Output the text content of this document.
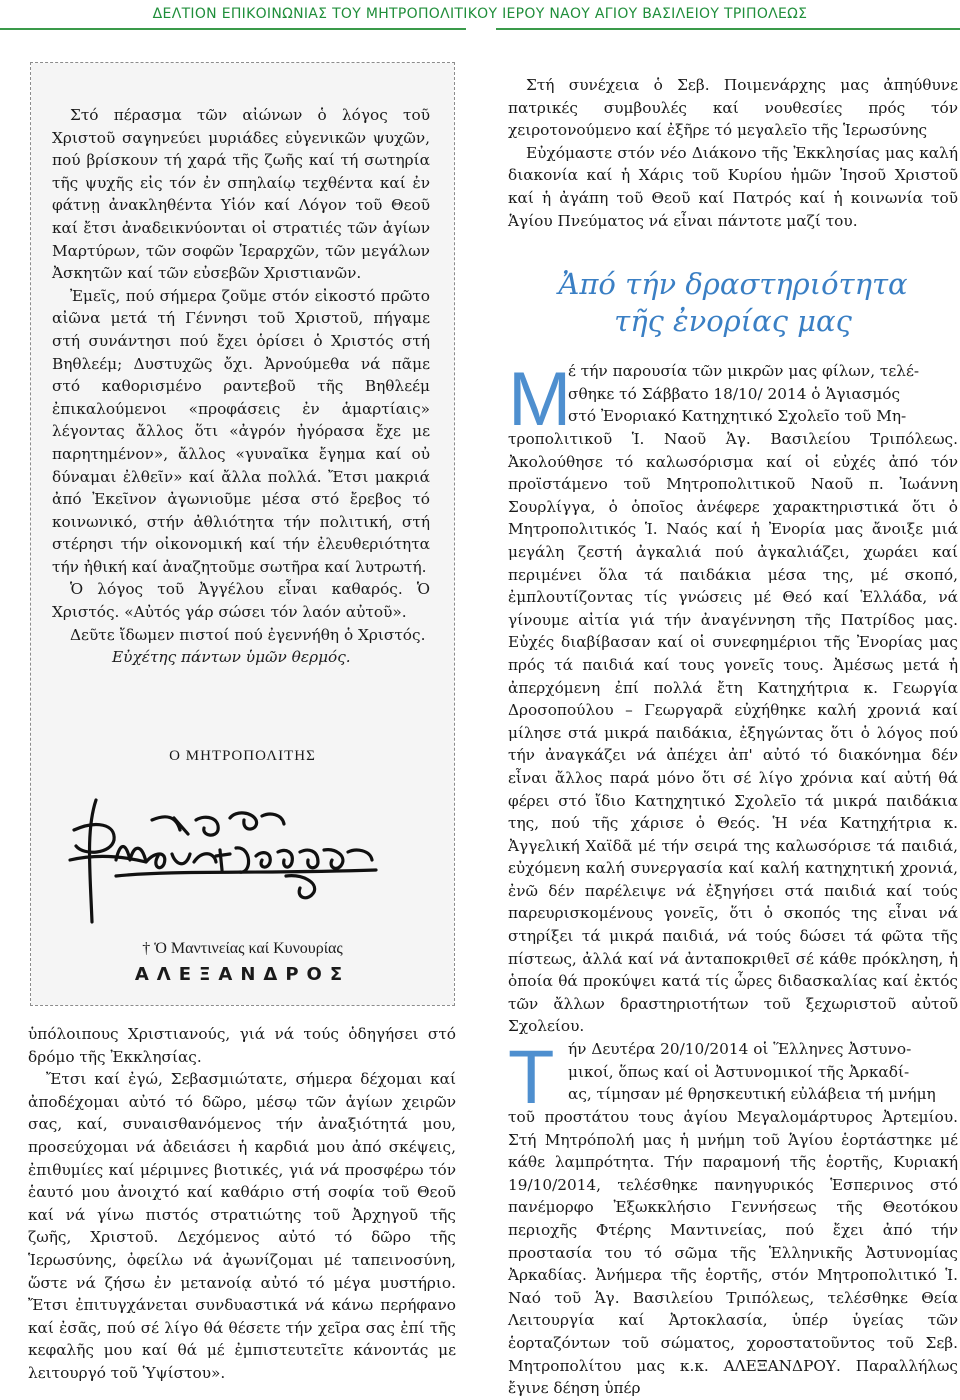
ΔΕΛΤΙΟΝ ΕΠΙΚΟΙΝΩΝΙΑΣ ΤΟΥ ΜΗΤΡΟΠΟΛΙΤΙΚΟΥ ΙΕΡΟΥ ΝΑΟΥ ΑΓΙΟΥ ΒΑΣΙΛΕΙΟΥ ΤΡΙΠΟΛΕΩΣ

Στό πέρασμα τῶν αἰώνων ὁ λόγος τοῦ Χριστοῦ σαγηνεύει μυριάδες εὐγενικῶν ψυχῶν, πού βρίσκουν τή χαρά τῆς ζωῆς καί τή σωτηρία τῆς ψυχῆς εἰς τόν ἐν σπηλαίῳ τεχθέντα καί ἐν φάτνῃ ἀνακληθέντα Υἱόν καί Λόγον τοῦ Θεοῦ καί ἔτσι ἀναδεικνύονται οἱ στρατιές τῶν ἁγίων Μαρτύρων, τῶν σοφῶν Ἱεραρχῶν, τῶν μεγάλων Ἀσκητῶν καί τῶν εὐσεβῶν Χριστιανῶν.

Ἐμεῖς, πού σήμερα ζοῦμε στόν εἰκοστό πρῶτο αἰῶνα μετά τή Γέννησι τοῦ Χριστοῦ, πήγαμε στή συνάντησι πού ἔχει ὁρίσει ὁ Χριστός στή Βηθλεέμ; Δυστυχῶς ὄχι. Ἀρνούμεθα νά πᾶμε στό καθορισμένο ραντεβοῦ τῆς Βηθλεέμ ἐπικαλούμενοι «προφάσεις ἐν ἁμαρτίαις» λέγοντας ἄλλος ὅτι «ἀγρόν ἠγόρασα ἔχε με παρητημένον», ἄλλος «γυναῖκα ἔγημα καί οὐ δύναμαι ἐλθεῖν» καί ἄλλα πολλά. Ἔτσι μακριά ἀπό Ἐκεῖνον ἀγωνιοῦμε μέσα στό ἔρεβος τό κοινωνικό, στήν ἀθλιότητα τήν πολιτική, στή στέρησι τήν οἰκονομική καί τήν ἐλευθεριότητα τήν ἠθική καί ἀναζητοῦμε σωτῆρα καί λυτρωτή.

Ὁ λόγος τοῦ Ἀγγέλου εἶναι καθαρός. Ὁ Χριστός. «Αὐτός γάρ σώσει τόν λαόν αὐτοῦ».

Δεῦτε ἴδωμεν πιστοί πού ἐγεννήθη ὁ Χριστός.

Εὐχέτης πάντων ὑμῶν θερμός.

Ο ΜΗΤΡΟΠΟΛΙΤΗΣ
† Ὁ Μαντινείας καί Κυνουρίας
ΑΛΕΞΑΝΔΡΟΣ

ὑπόλοιπους Χριστιανούς, γιά νά τούς ὁδηγήσει στό δρόμο τῆς Ἐκκλησίας.

Ἔτσι καί ἐγώ, Σεβασμιώτατε, σήμερα δέχομαι καί ἀποδέχομαι αὐτό τό δῶρο, μέσῳ τῶν ἁγίων χειρῶν σας, καί, συναισθανόμενος τήν ἀναξιότητά μου, προσεύχομαι νά ἀδειάσει ἡ καρδιά μου ἀπό σκέψεις, ἐπιθυμίες καί μέριμνες βιοτικές, γιά νά προσφέρω τόν ἑαυτό μου ἀνοιχτό καί καθάριο στή σοφία τοῦ Θεοῦ καί νά γίνω πιστός στρατιώτης τοῦ Ἀρχηγοῦ τῆς ζωῆς, Χριστοῦ. Δεχόμενος αὐτό τό δῶρο τῆς Ἱερωσύνης, ὀφείλω νά ἀγωνίζομαι μέ ταπεινοσύνη, ὥστε νά ζήσω ἐν μετανοίᾳ αὐτό τό μέγα μυστήριο. Ἔτσι ἐπιτυγχάνεται συνδυαστικά νά κάνω περήφανο καί ἐσᾶς, πού σέ λίγο θά θέσετε τήν χεῖρα σας ἐπί τῆς κεφαλῆς μου καί θά μέ ἐμπιστευτεῖτε κάνοντάς με λειτουργό τοῦ Ὑψίστου».

Στή συνέχεια ὁ Σεβ. Ποιμενάρχης μας ἀπηύθυνε πατρικές συμβουλές καί νουθεσίες πρός τόν χειροτονούμενο καί ἐξῆρε τό μεγαλεῖο τῆς Ἱερωσύνης

Εὐχόμαστε στόν νέο Διάκονο τῆς Ἐκκλησίας μας καλή διακονία καί ἡ Χάρις τοῦ Κυρίου ἡμῶν Ἰησοῦ Χριστοῦ καί ἡ ἀγάπη τοῦ Θεοῦ καί Πατρός καί ἡ κοινωνία τοῦ Ἁγίου Πνεύματος νά εἶναι πάντοτε μαζί του.

Ἀπό τήν δραστηριότητα
τῆς ἐνορίας μας
Μ

έ τήν παρουσία τῶν μικρῶν μας φίλων, τελέ-

σθηκε τό Σάββατο 18/10/ 2014 ὁ Ἁγιασμός

στό Ἐνοριακό Κατηχητικό Σχολεῖο τοῦ Μη-

τροπολιτικοῦ Ἱ. Ναοῦ Ἁγ. Βασιλείου Τριπόλεως. Ἀκολούθησε τό καλωσόρισμα καί οἱ εὐχές ἀπό τόν προϊστάμενο τοῦ Μητροπολιτικοῦ Ναοῦ π. Ἰωάννη Σουρλίγγα, ὁ ὁποῖος ἀνέφερε χαρακτηριστικά ὅτι ὁ Μητροπολιτικός Ἱ. Ναός καί ἡ Ἐνορία μας ἄνοιξε μιά μεγάλη ζεστή ἀγκαλιά πού ἀγκαλιάζει, χωράει καί περιμένει ὅλα τά παιδάκια μέσα της, μέ σκοπό, ἐμπλουτίζοντας τίς γνώσεις μέ Θεό καί Ἑλλάδα, νά γίνουμε αἰτία γιά τήν ἀναγέννηση τῆς Πατρίδος μας. Εὐχές διαβίβασαν καί οἱ συνεφημέριοι τῆς Ἐνορίας μας πρός τά παιδιά καί τους γονεῖς τους. Ἀμέσως μετά ἡ ἀπερχόμενη ἐπί πολλά ἔτη Κατηχήτρια κ. Γεωργία Δροσοπούλου – Γεωργαρᾶ εὐχήθηκε καλή χρονιά καί μίλησε στά μικρά παιδάκια, ἐξηγώντας ὅτι ὁ λόγος πού τήν ἀναγκάζει νά ἀπέχει ἀπ' αὐτό τό διακόνημα δέν εἶναι ἄλλος παρά μόνο ὅτι σέ λίγο χρόνια καί αὐτή θά φέρει στό ἴδιο Κατηχητικό Σχολεῖο τά μικρά παιδάκια της, πού τῆς χάρισε ὁ Θεός. Ἡ νέα Κατηχήτρια κ. Ἀγγελική Χαϊδᾶ μέ τήν σειρά της καλωσόρισε τά παιδιά, εὐχόμενη καλή συνεργασία καί καλή κατηχητική χρονιά, ἐνῶ δέν παρέλειψε νά ἐξηγήσει στά παιδιά καί τούς παρευρισκομένους γονεῖς, ὅτι ὁ σκοπός της εἶναι νά στηρίξει τά μικρά παιδιά, νά τούς δώσει τά φῶτα τῆς πίστεως, ἀλλά καί νά ἀνταποκριθεῖ σέ κάθε πρόκληση, ἡ ὁποία θά προκύψει κατά τίς ὧρες διδασκαλίας καί ἐκτός τῶν ἄλλων δραστηριοτήτων τοῦ ξεχωριστοῦ αὐτοῦ Σχολείου.

Τ ήν Δευτέρα 20/10/2014 οἱ Ἕλληνες Ἀστυνο-

μικοί, ὅπως καί οἱ Ἀστυνομικοί τῆς Ἀρκαδί-

ας, τίμησαν μέ θρησκευτική εὐλάβεια τή μνήμη

τοῦ προστάτου τους ἁγίου Μεγαλομάρτυρος Ἀρτεμίου. Στή Μητρόπολή μας ἡ μνήμη τοῦ Ἁγίου ἑορτάστηκε μέ κάθε λαμπρότητα. Τήν παραμονή τῆς ἑορτῆς, Κυριακή 19/10/2014, τελέσθηκε πανηγυρικός Ἑσπερινος στό πανέμορφο Ἐξωκκλήσιο Γεννήσεως τῆς Θεοτόκου περιοχῆς Φτέρης Μαντινείας, πού ἔχει ἀπό τήν προστασία του τό σῶμα τῆς Ἑλληνικῆς Ἀστυνομίας Ἀρκαδίας. Ἀνήμερα τῆς ἑορτῆς, στόν Μητροπολιτικό Ἱ. Ναό τοῦ Ἁγ. Βασιλείου Τριπόλεως, τελέσθηκε Θεία Λειτουργία καί Ἀρτοκλασία, ὑπέρ ὑγείας τῶν ἑορταζόντων τοῦ σώματος, χοροστατοῦντος τοῦ Σεβ. Μητροπολίτου μας κ.κ. ΑΛΕΞΑΝΔΡΟΥ. Παραλλήλως ἔγινε δέηση ὑπέρ
